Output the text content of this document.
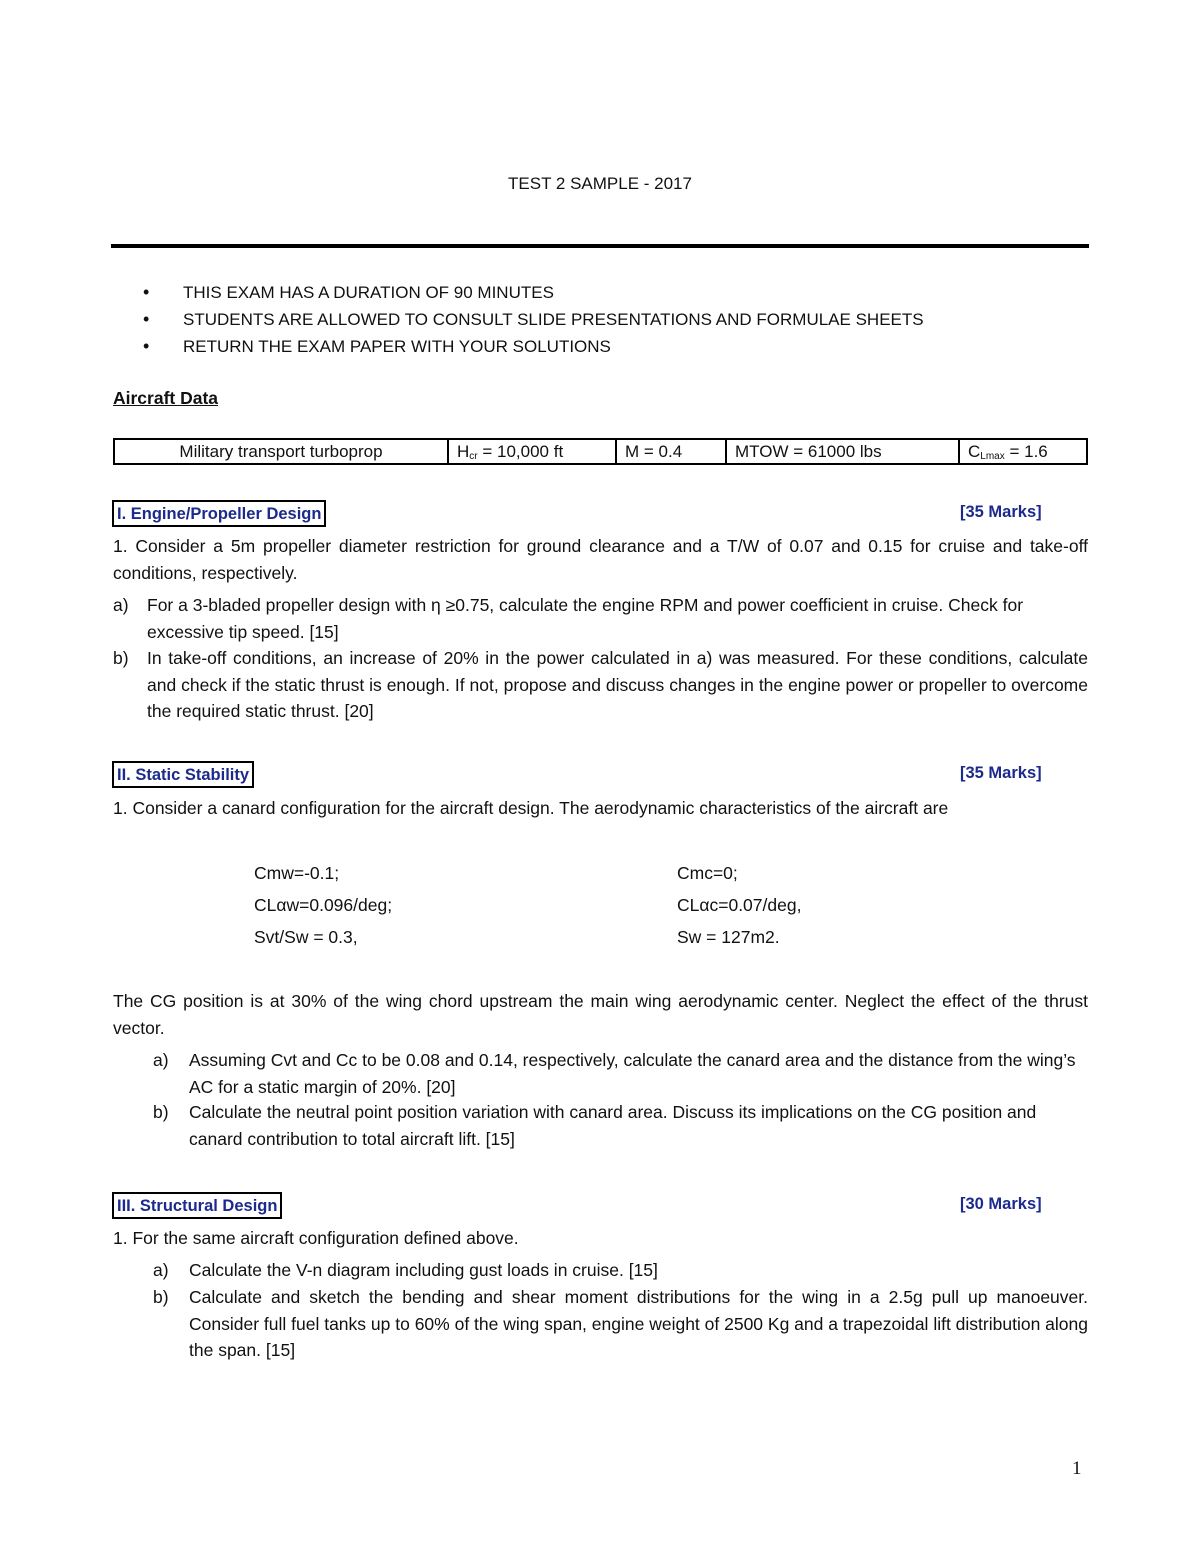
TEST 2 SAMPLE - 2017
• THIS EXAM HAS A DURATION OF 90 MINUTES
• STUDENTS ARE ALLOWED TO CONSULT SLIDE PRESENTATIONS AND FORMULAE SHEETS
• RETURN THE EXAM PAPER WITH YOUR SOLUTIONS
Aircraft Data
Military transport turboprop	$H_{cr} = 10,000$ ft	M = 0.4	MTOW = 61000 lbs	$C_{Lmax} = 1.6$
I. Engine/Propeller Design	[35 Marks]
1. Consider a 5m propeller diameter restriction for ground clearance and a T/W of 0.07 and 0.15 for cruise and take-off conditions, respectively.
a) For a 3-bladed propeller design with η ≥0.75, calculate the engine RPM and power coefficient in cruise. Check for excessive tip speed. [15]
b) In take-off conditions, an increase of 20% in the power calculated in a) was measured. For these conditions, calculate and check if the static thrust is enough. If not, propose and discuss changes in the engine power or propeller to overcome the required static thrust. [20]
II. Static Stability	[35 Marks]
1. Consider a canard configuration for the aircraft design. The aerodynamic characteristics of the aircraft are
Cmw=-0.1;	Cmc=0;
CLαw=0.096/deg;	CLαc=0.07/deg,
Svt/Sw = 0.3,	Sw = 127m2.
The CG position is at 30% of the wing chord upstream the main wing aerodynamic center. Neglect the effect of the thrust vector.
a) Assuming Cvt and Cc to be 0.08 and 0.14, respectively, calculate the canard area and the distance from the wing’s AC for a static margin of 20%. [20]
b) Calculate the neutral point position variation with canard area. Discuss its implications on the CG position and canard contribution to total aircraft lift. [15]
III. Structural Design	[30 Marks]
1. For the same aircraft configuration defined above.
a) Calculate the V-n diagram including gust loads in cruise. [15]
b) Calculate and sketch the bending and shear moment distributions for the wing in a 2.5g pull up manoeuver. Consider full fuel tanks up to 60% of the wing span, engine weight of 2500 Kg and a trapezoidal lift distribution along the span. [15]
1
